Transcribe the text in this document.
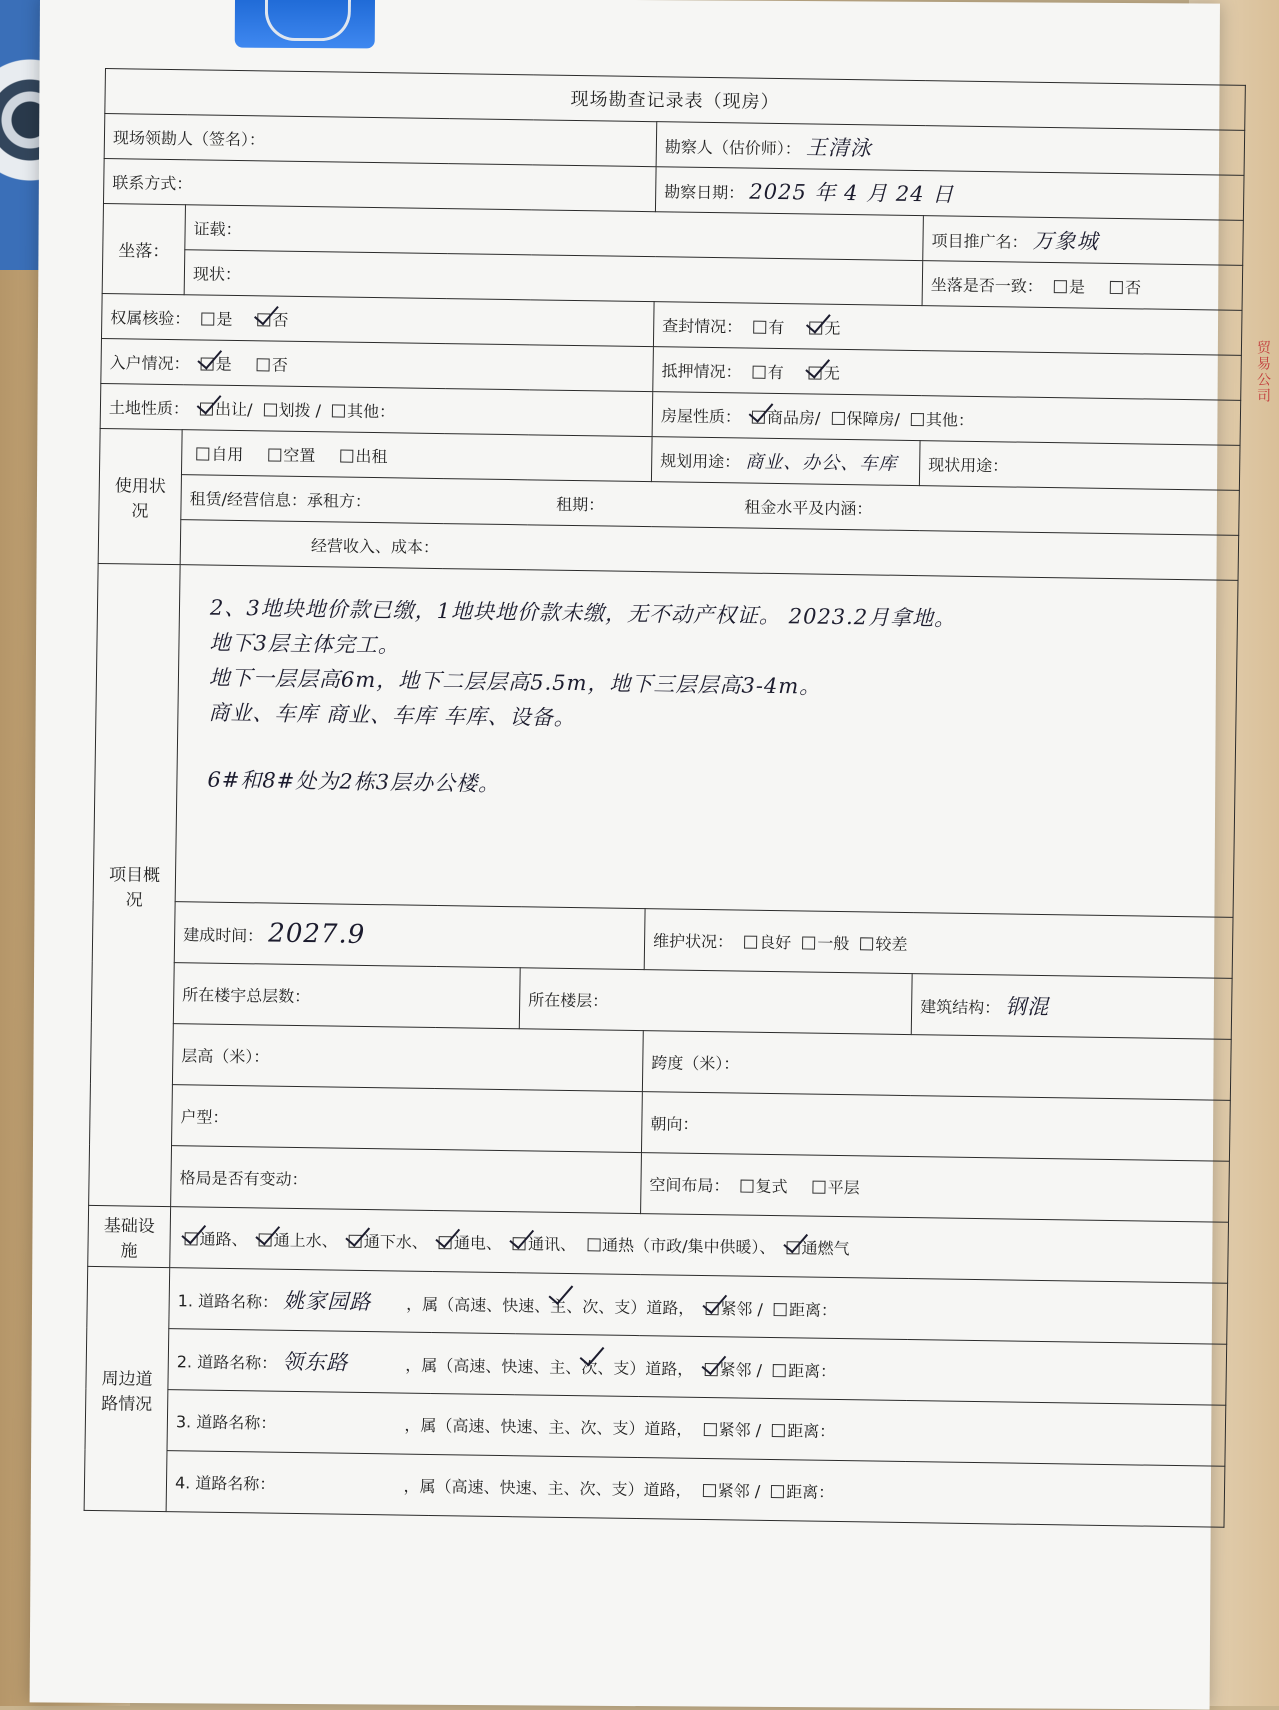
贸易公司
现场勘查记录表（现房）				
现场领勘人（签名）：			勘察人（估价师）： 王清泳	
联系方式：			勘察日期： 2025 年 4 月 24 日	
坐落：	证载：			项目推广名： 万象城
	现状：			坐落是否一致： 是 否
权属核验： 是 否			查封情况： 有 无	
入户情况： 是 否			抵押情况： 有 无	
土地性质： 出让/ 划拨 / 其他：			房屋性质： 商品房/ 保障房/ 其他：	
使用状况	自用 空置 出租		规划用途： 商业、办公、车库	现状用途：
	租赁/经营信息：承租方： 租期： 租金水平及内涵：			
	经营收入、成本：			
项目概况	2、3地块地价款已缴，1地块地价款未缴，无不动产权证。 2023.2月拿地。
地下3层主体完工。
地下一层层高6m，地下二层层高5.5m，地下三层层高3-4m。
商业、车库 商业、车库 车库、设备。
6#和8#处为2栋3层办公楼。			

	建成时间： 2027.9		维护状况： 良好 一般 较差	
	所在楼宇总层数：	所在楼层：		建筑结构： 钢混
	层高（米）：		跨度（米）：	
	户型：		朝向：	
	格局是否有变动：		空间布局： 复式 平层	
基础设施	通路、 通上水、 通下水、 通电、 通讯、 通热（市政/集中供暖）、 通燃气			
周边道路情况	1. 道路名称： 姚家园路 ，属（高速、快速、主、次、支）道路， 紧邻 / 距离：			
	2. 道路名称： 领东路 ，属（高速、快速、主、次、支）道路， 紧邻 / 距离：			
	3. 道路名称： ，属（高速、快速、主、次、支）道路， 紧邻 / 距离：			
	4. 道路名称： ，属（高速、快速、主、次、支）道路， 紧邻 / 距离：			
